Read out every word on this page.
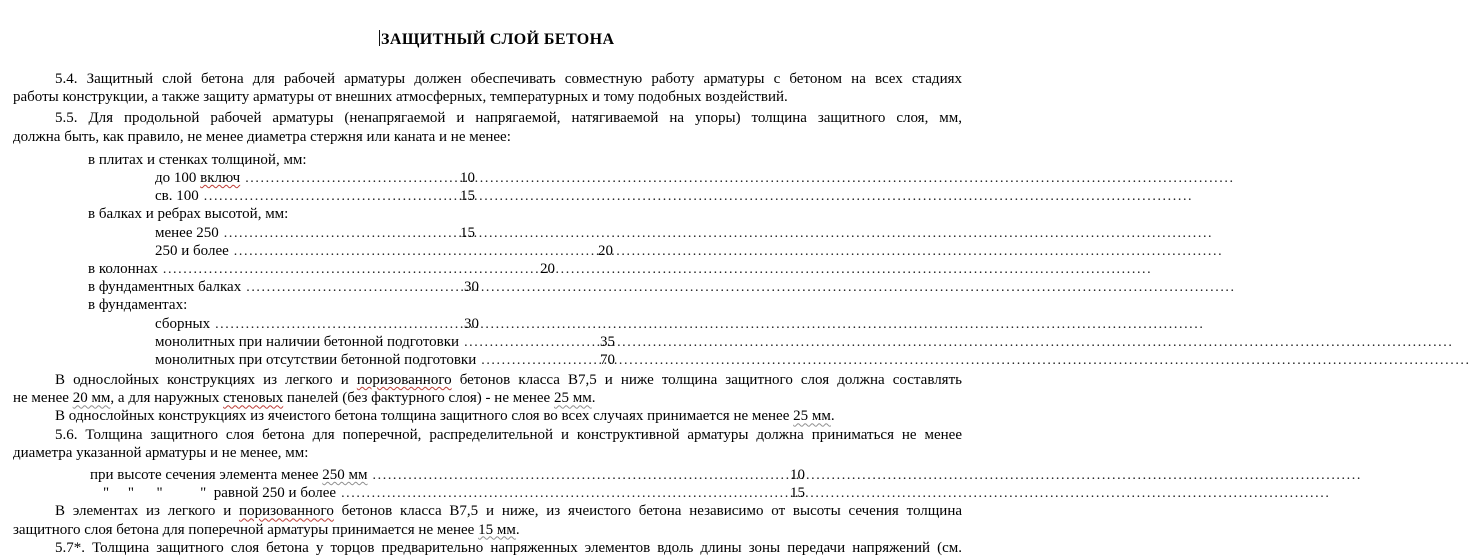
ЗАЩИТНЫЙ СЛОЙ БЕТОНА
5.4. Защитный слой бетона для рабочей арматуры должен обеспечивать совместную работу арматуры с бетоном на всех стадиях
работы конструкции, а также защиту арматуры от внешних атмосферных, температурных и тому подобных воздействий.
5.5. Для продольной рабочей арматуры (ненапрягаемой и напрягаемой, натягиваемой на упоры) толщина защитного слоя, мм,
должна быть, как правило, не менее диаметра стержня или каната и не менее:
в плитах и стенках толщиной, мм:
до 100 включ .....	10
св. 100 .....	15
в балках и ребрах высотой, мм:
менее 250 .....	15
250 и более .....	20
в колоннах .....	20
в фундаментных балках .....	30
в фундаментах:
сборных .....	30
монолитных при наличии бетонной подготовки .....	35
монолитных при отсутствии бетонной подготовки .....	70
В однослойных конструкциях из легкого и поризованного бетонов класса В7,5 и ниже толщина защитного слоя должна составлять
не менее 20 мм, а для наружных стеновых панелей (без фактурного слоя) - не менее 25 мм.
В однослойных конструкциях из ячеистого бетона толщина защитного слоя во всех случаях принимается не менее 25 мм.
5.6. Толщина защитного слоя бетона для поперечной, распределительной и конструктивной арматуры должна приниматься не менее
диаметра указанной арматуры и не менее, мм:
при высоте сечения элемента менее 250 мм .....	10
"     "      "          "  равной 250 и более .....	15
В элементах из легкого и поризованного бетонов класса В7,5 и ниже, из ячеистого бетона независимо от высоты сечения толщина
защитного слоя бетона для поперечной арматуры принимается не менее 15 мм.
5.7*. Толщина защитного слоя бетона у торцов предварительно напряженных элементов вдоль длины зоны передачи напряжений (см.
